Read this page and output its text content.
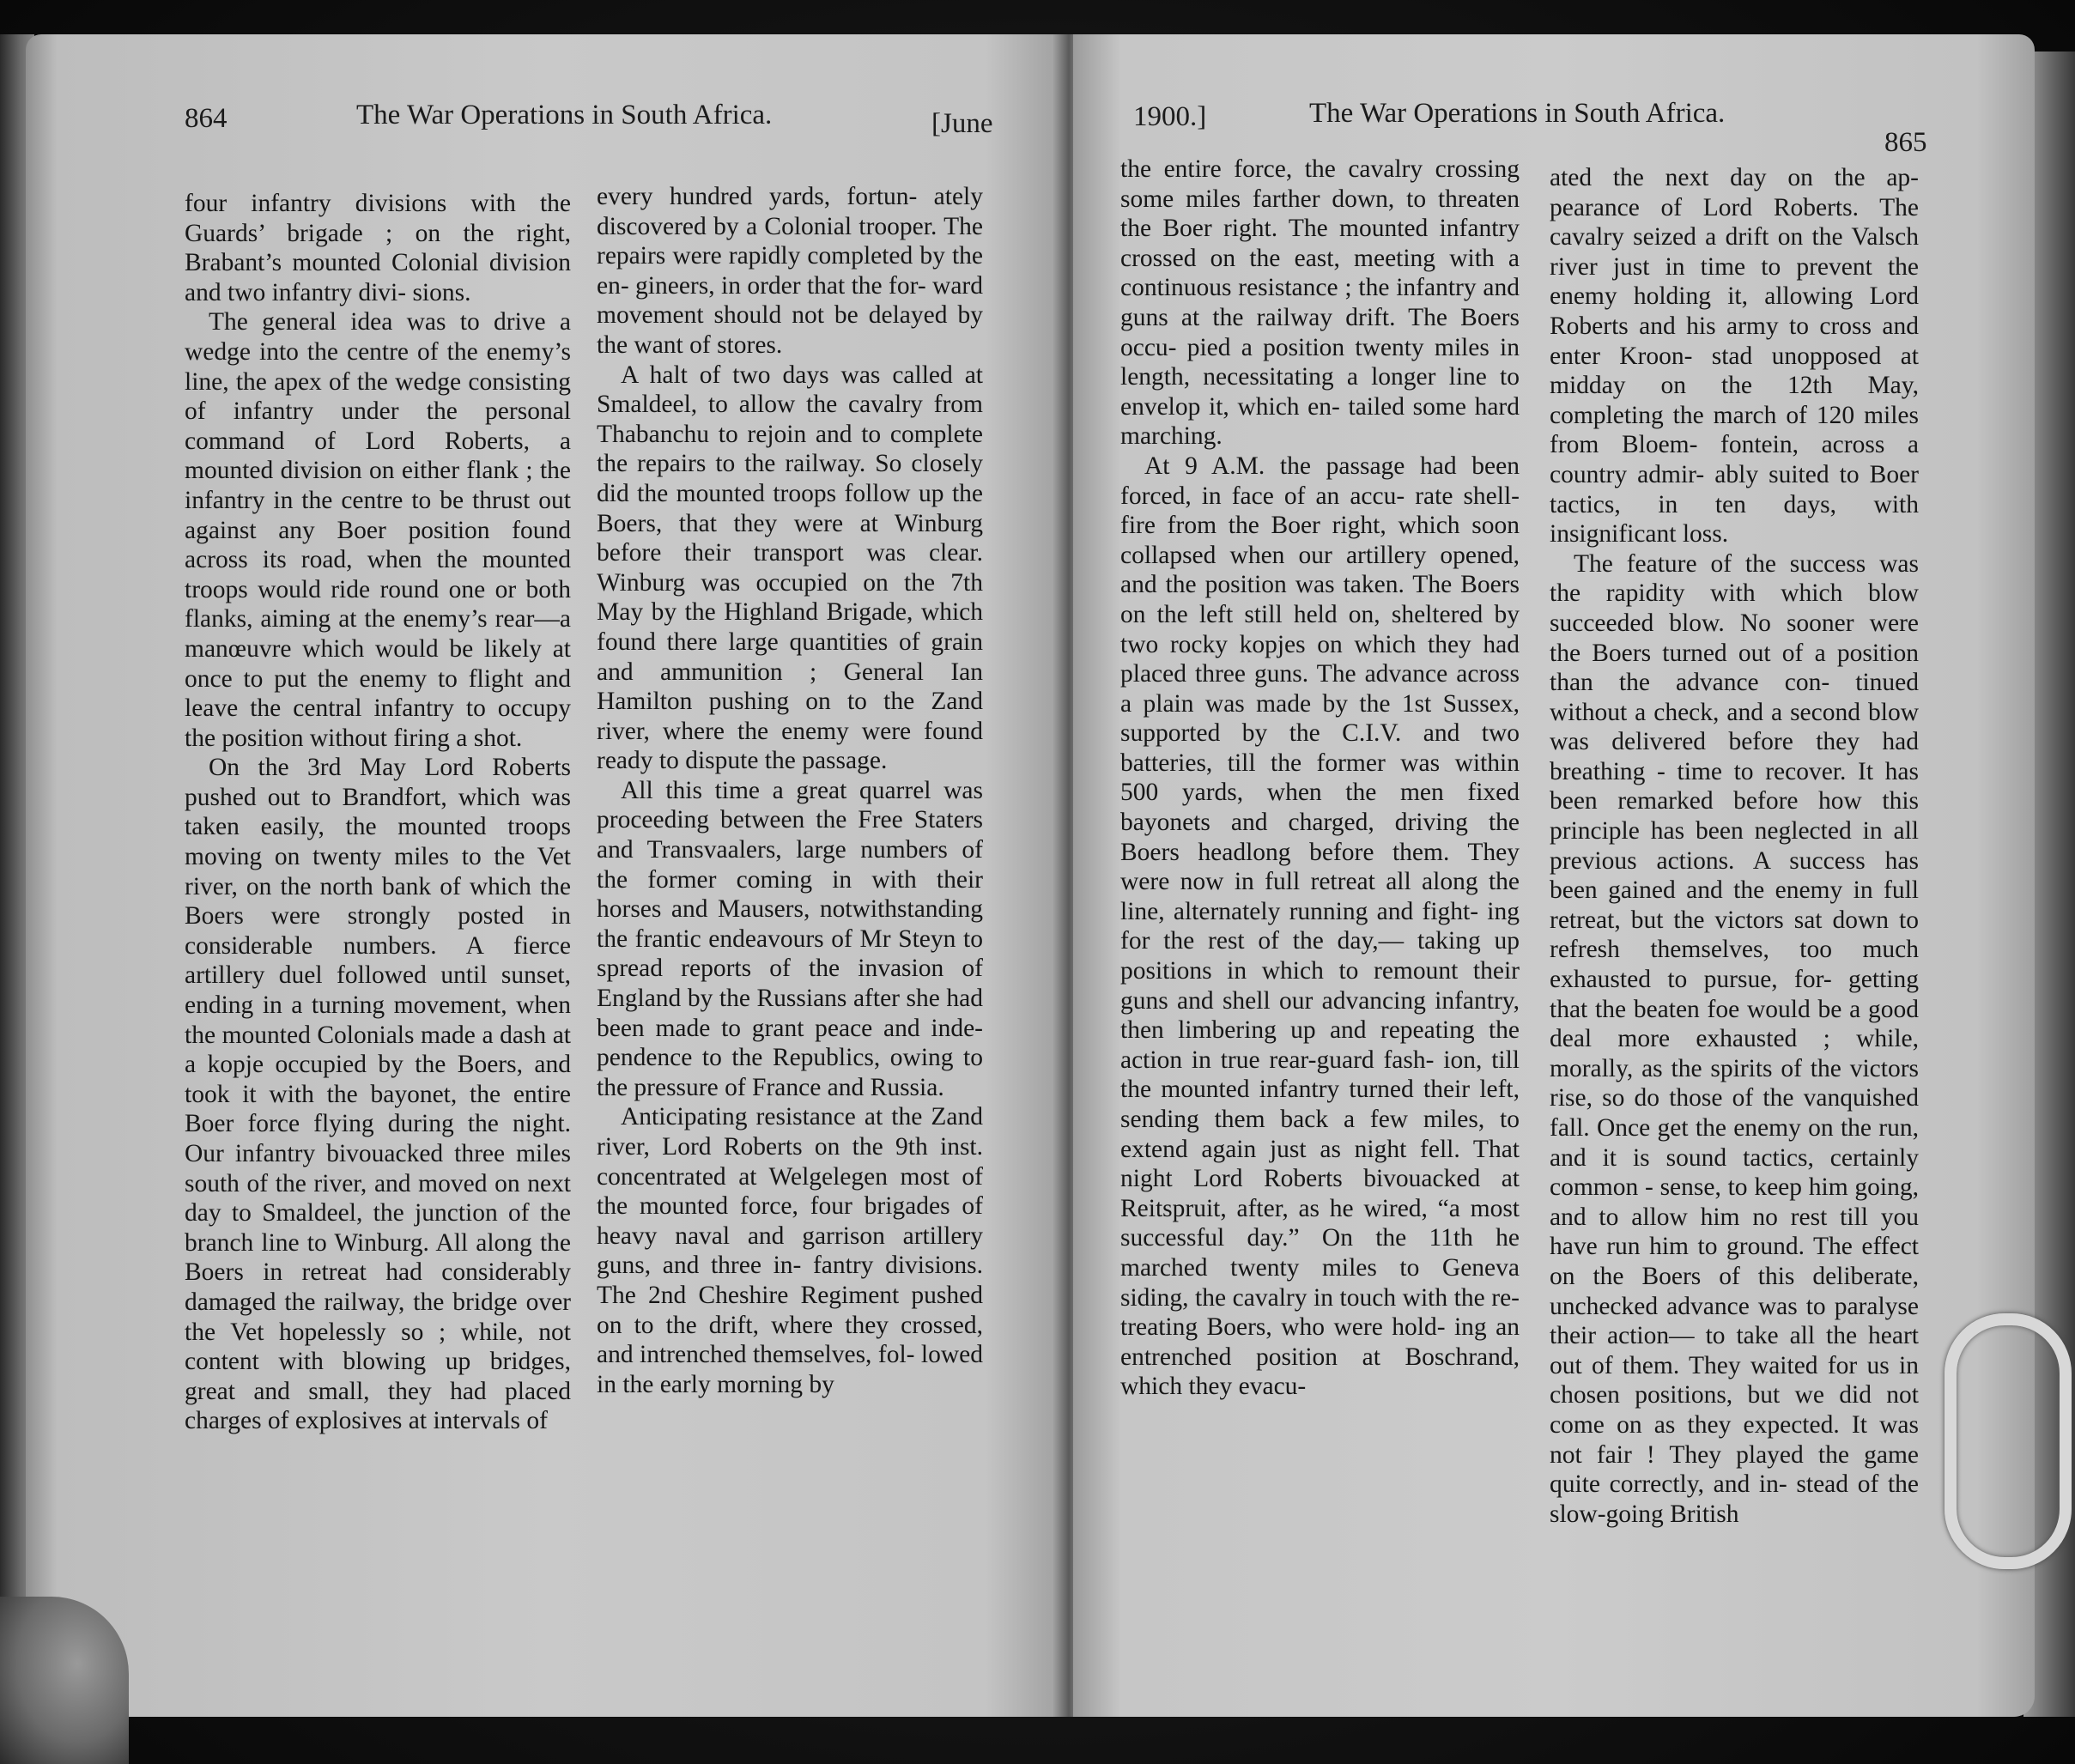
864	The War Operations in South Africa.	[June

four infantry divisions with the Guards’ brigade ; on the right, Brabant’s mounted Colonial division and two infantry divi- sions.

The general idea was to drive a wedge into the centre of the enemy’s line, the apex of the wedge consisting of infantry under the personal command of Lord Roberts, a mounted division on either flank ; the infantry in the centre to be thrust out against any Boer position found across its road, when the mounted troops would ride round one or both flanks, aiming at the enemy’s rear—a manœuvre which would be likely at once to put the enemy to flight and leave the central infantry to occupy the position without firing a shot.

On the 3rd May Lord Roberts pushed out to Brandfort, which was taken easily, the mounted troops moving on twenty miles to the Vet river, on the north bank of which the Boers were strongly posted in considerable numbers. A fierce artillery duel followed until sunset, ending in a turning movement, when the mounted Colonials made a dash at a kopje occupied by the Boers, and took it with the bayonet, the entire Boer force flying during the night. Our infantry bivouacked three miles south of the river, and moved on next day to Smaldeel, the junction of the branch line to Winburg. All along the Boers in retreat had considerably damaged the railway, the bridge over the Vet hopelessly so ; while, not content with blowing up bridges, great and small, they had placed charges of explosives at intervals of

every hundred yards, fortun- ately discovered by a Colonial trooper. The repairs were rapidly completed by the en- gineers, in order that the for- ward movement should not be delayed by the want of stores.

A halt of two days was called at Smaldeel, to allow the cavalry from Thabanchu to rejoin and to complete the repairs to the railway. So closely did the mounted troops follow up the Boers, that they were at Winburg before their transport was clear. Winburg was occupied on the 7th May by the Highland Brigade, which found there large quantities of grain and ammunition ; General Ian Hamilton pushing on to the Zand river, where the enemy were found ready to dispute the passage.

All this time a great quarrel was proceeding between the Free Staters and Transvaalers, large numbers of the former coming in with their horses and Mausers, notwithstanding the frantic endeavours of Mr Steyn to spread reports of the invasion of England by the Russians after she had been made to grant peace and inde- pendence to the Republics, owing to the pressure of France and Russia.

Anticipating resistance at the Zand river, Lord Roberts on the 9th inst. concentrated at Welgelegen most of the mounted force, four brigades of heavy naval and garrison artillery guns, and three in- fantry divisions. The 2nd Cheshire Regiment pushed on to the drift, where they crossed, and intrenched themselves, fol- lowed in the early morning by

1900.]	The War Operations in South Africa.
865

the entire force, the cavalry crossing some miles farther down, to threaten the Boer right. The mounted infantry crossed on the east, meeting with a continuous resistance ; the infantry and guns at the railway drift. The Boers occu- pied a position twenty miles in length, necessitating a longer line to envelop it, which en- tailed some hard marching.

At 9 A.M. the passage had been forced, in face of an accu- rate shell-fire from the Boer right, which soon collapsed when our artillery opened, and the position was taken. The Boers on the left still held on, sheltered by two rocky kopjes on which they had placed three guns. The advance across a plain was made by the 1st Sussex, supported by the C.I.V. and two batteries, till the former was within 500 yards, when the men fixed bayonets and charged, driving the Boers headlong before them. They were now in full retreat all along the line, alternately running and fight- ing for the rest of the day,— taking up positions in which to remount their guns and shell our advancing infantry, then limbering up and repeating the action in true rear-guard fash- ion, till the mounted infantry turned their left, sending them back a few miles, to extend again just as night fell. That night Lord Roberts bivouacked at Reitspruit, after, as he wired, “a most successful day.” On the 11th he marched twenty miles to Geneva siding, the cavalry in touch with the re- treating Boers, who were hold- ing an entrenched position at Boschrand, which they evacu-

ated the next day on the ap- pearance of Lord Roberts. The cavalry seized a drift on the Valsch river just in time to prevent the enemy holding it, allowing Lord Roberts and his army to cross and enter Kroon- stad unopposed at midday on the 12th May, completing the march of 120 miles from Bloem- fontein, across a country admir- ably suited to Boer tactics, in ten days, with insignificant loss.

The feature of the success was the rapidity with which blow succeeded blow. No sooner were the Boers turned out of a position than the advance con- tinued without a check, and a second blow was delivered before they had breathing - time to recover. It has been remarked before how this principle has been neglected in all previous actions. A success has been gained and the enemy in full retreat, but the victors sat down to refresh themselves, too much exhausted to pursue, for- getting that the beaten foe would be a good deal more exhausted ; while, morally, as the spirits of the victors rise, so do those of the vanquished fall. Once get the enemy on the run, and it is sound tactics, certainly common - sense, to keep him going, and to allow him no rest till you have run him to ground. The effect on the Boers of this deliberate, unchecked advance was to paralyse their action— to take all the heart out of them. They waited for us in chosen positions, but we did not come on as they expected. It was not fair ! They played the game quite correctly, and in- stead of the slow-going British
